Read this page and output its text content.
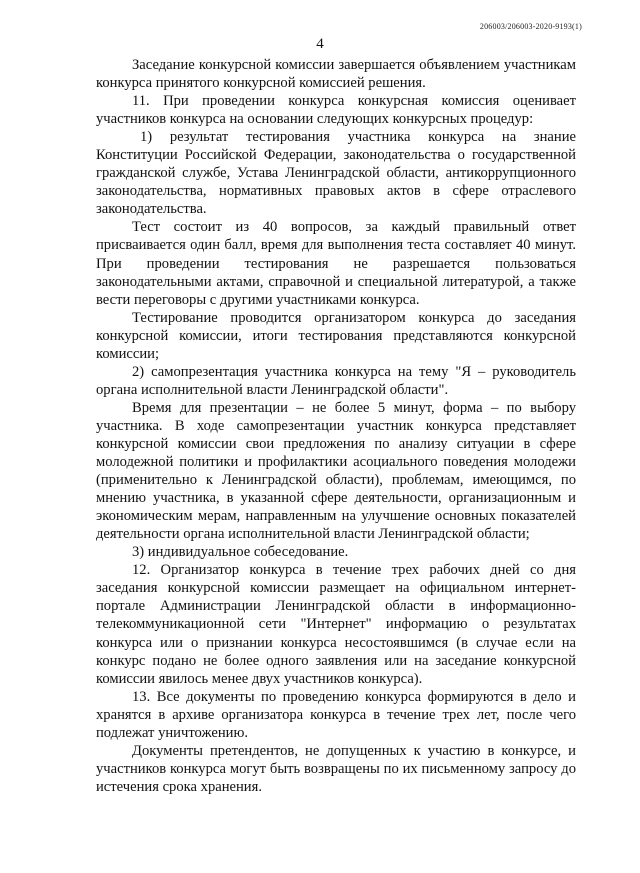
206003/206003-2020-9193(1)
4

Заседание конкурсной комиссии завершается объявлением участникам конкурса принятого конкурсной комиссией решения.

11. При проведении конкурса конкурсная комиссия оценивает участников конкурса на основании следующих конкурсных процедур:

1) результат тестирования участника конкурса на знание Конституции Российской Федерации, законодательства о государственной гражданской службе, Устава Ленинградской области, антикоррупционного законодательства, нормативных правовых актов в сфере отраслевого законодательства.

Тест состоит из 40 вопросов, за каждый правильный ответ присваивается один балл, время для выполнения теста составляет 40 минут. При проведении тестирования не разрешается пользоваться законодательными актами, справочной и специальной литературой, а также вести переговоры с другими участниками конкурса.

Тестирование проводится организатором конкурса до заседания конкурсной комиссии, итоги тестирования представляются конкурсной комиссии;

2) самопрезентация участника конкурса на тему "Я – руководитель органа исполнительной власти Ленинградской области".

Время для презентации – не более 5 минут, форма – по выбору участника. В ходе самопрезентации участник конкурса представляет конкурсной комиссии свои предложения по анализу ситуации в сфере молодежной политики и профилактики асоциального поведения молодежи (применительно к Ленинградской области), проблемам, имеющимся, по мнению участника, в указанной сфере деятельности, организационным и экономическим мерам, направленным на улучшение основных показателей деятельности органа исполнительной власти Ленинградской области;

3) индивидуальное собеседование.

12. Организатор конкурса в течение трех рабочих дней со дня заседания конкурсной комиссии размещает на официальном интернет-портале Администрации Ленинградской области в информационно-телекоммуникационной сети "Интернет" информацию о результатах конкурса или о признании конкурса несостоявшимся (в случае если на конкурс подано не более одного заявления или на заседание конкурсной комиссии явилось менее двух участников конкурса).

13. Все документы по проведению конкурса формируются в дело и хранятся в архиве организатора конкурса в течение трех лет, после чего подлежат уничтожению.

Документы претендентов, не допущенных к участию в конкурсе, и участников конкурса могут быть возвращены по их письменному запросу до истечения срока хранения.
